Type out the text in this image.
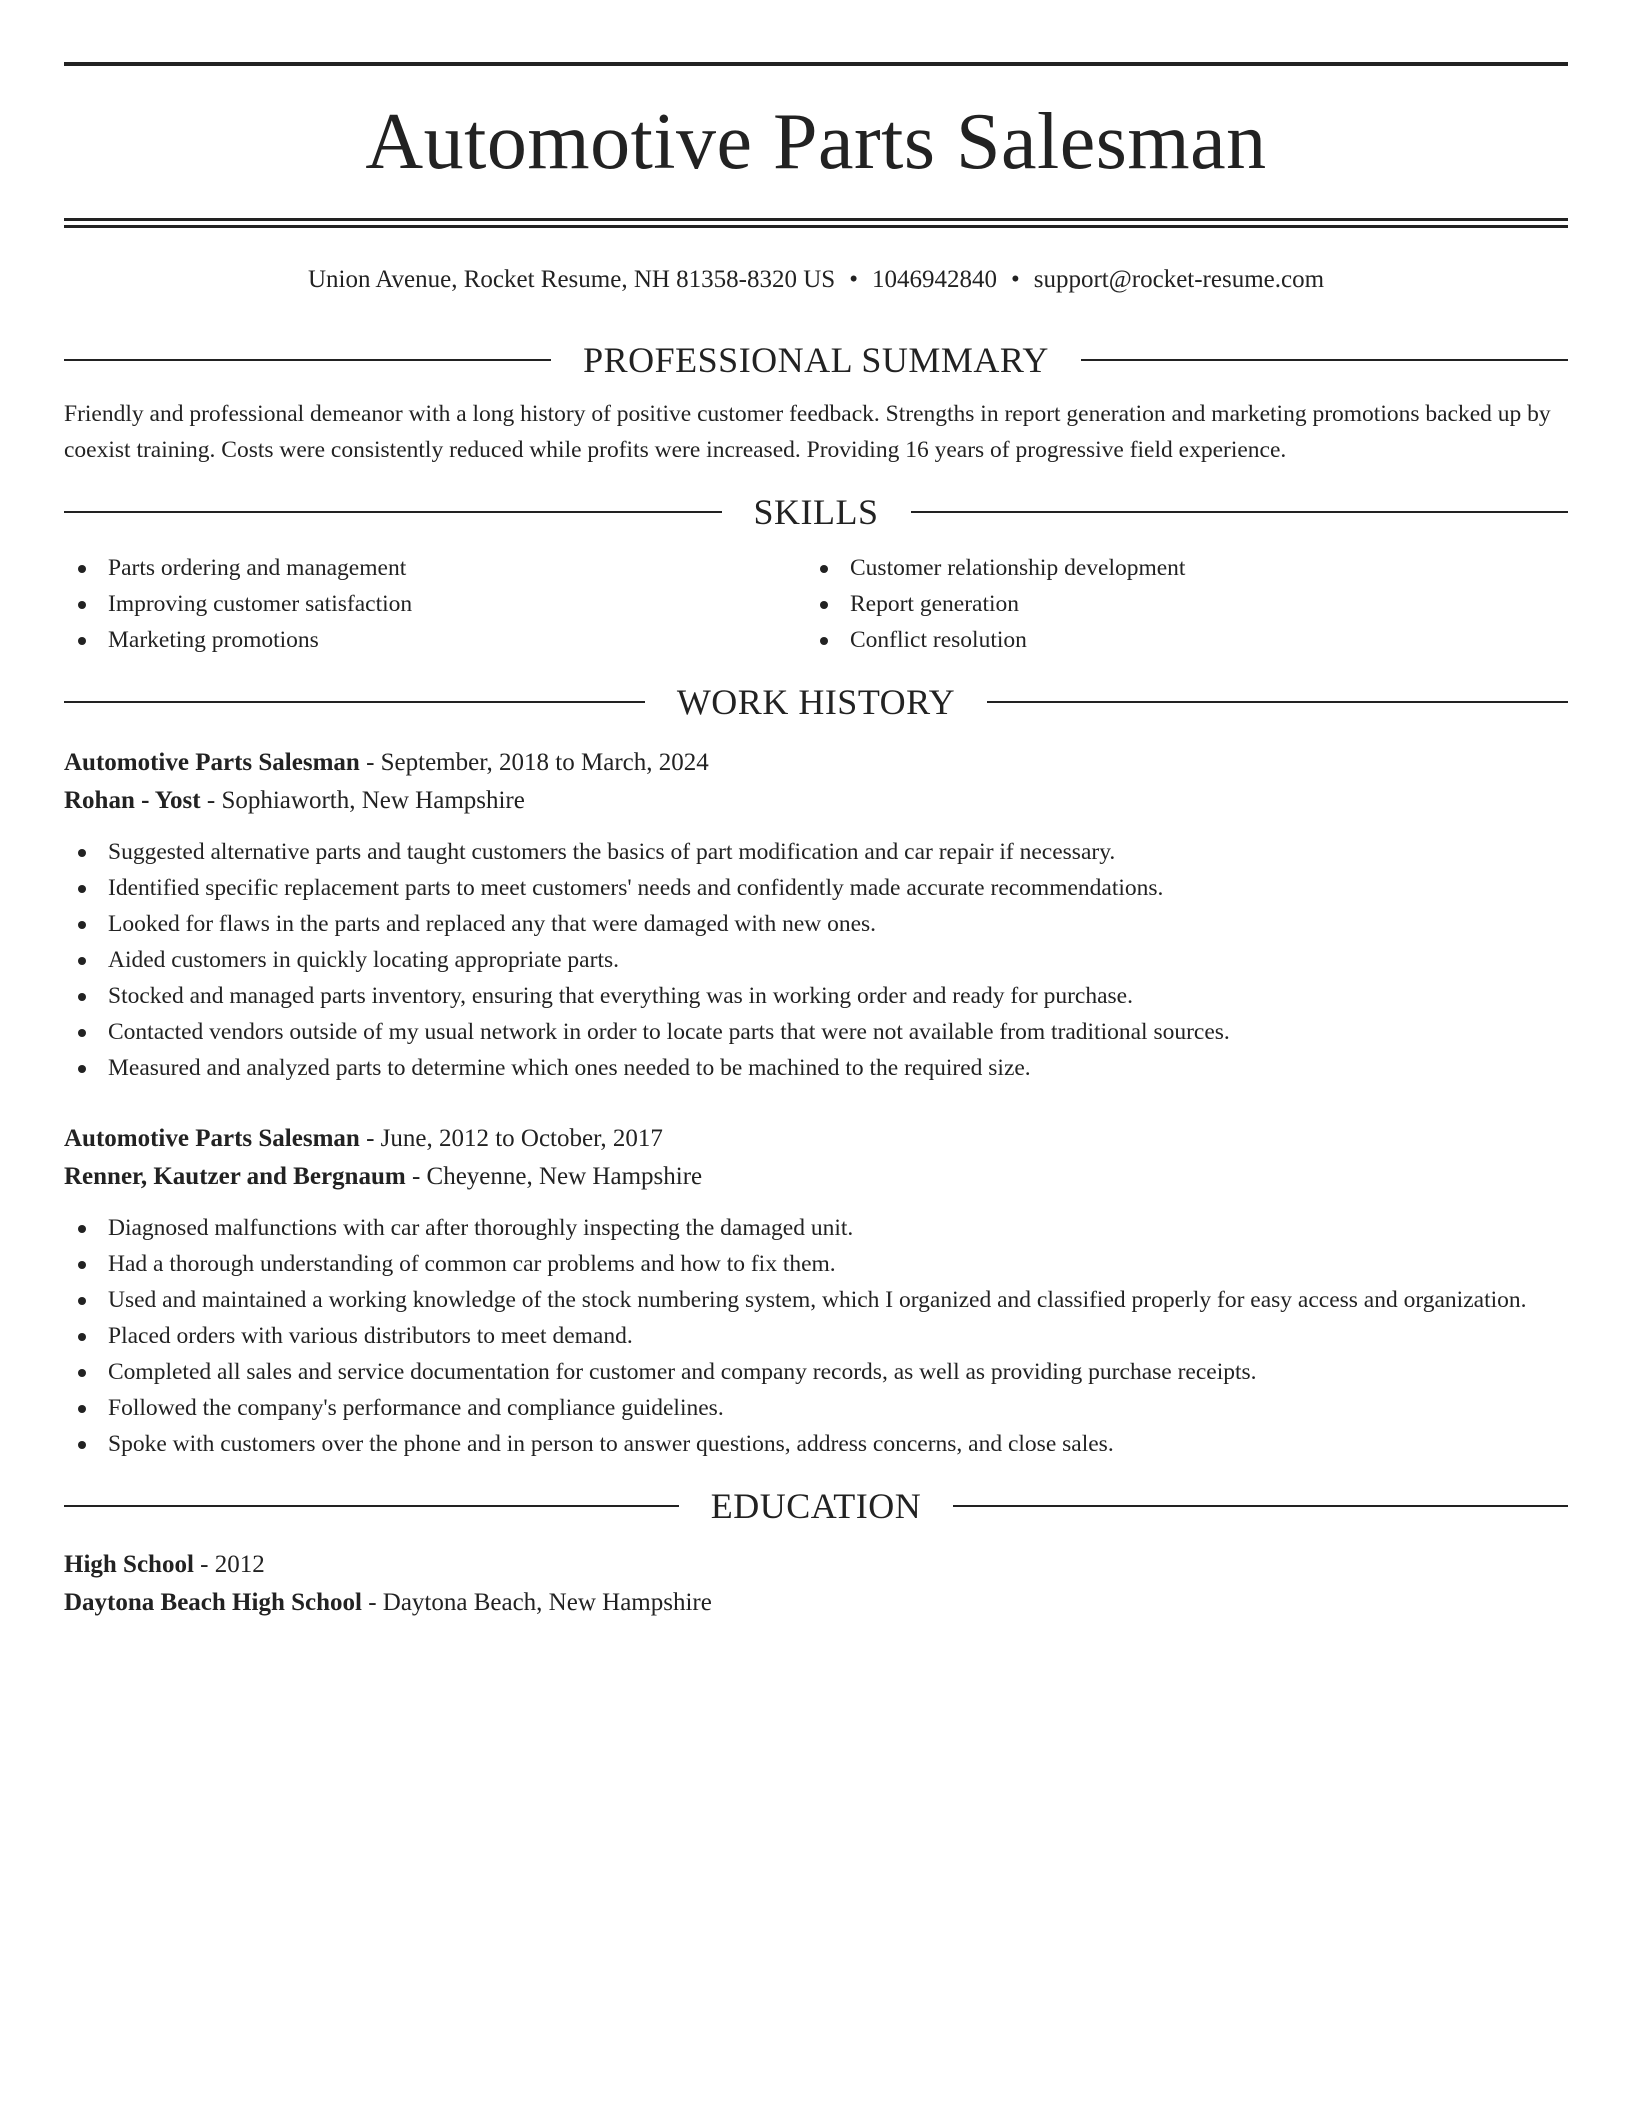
Automotive Parts Salesman
Union Avenue, Rocket Resume, NH 81358-8320 US • 1046942840 • support@rocket-resume.com
PROFESSIONAL SUMMARY

Friendly and professional demeanor with a long history of positive customer feedback. Strengths in report generation and marketing promotions backed up by coexist training. Costs were consistently reduced while profits were increased. Providing 16 years of progressive field experience.

SKILLS
Parts ordering and management
Improving customer satisfaction
Marketing promotions
Customer relationship development
Report generation
Conflict resolution
WORK HISTORY
Automotive Parts Salesman - September, 2018 to March, 2024
Rohan - Yost - Sophiaworth, New Hampshire
Suggested alternative parts and taught customers the basics of part modification and car repair if necessary.
Identified specific replacement parts to meet customers' needs and confidently made accurate recommendations.
Looked for flaws in the parts and replaced any that were damaged with new ones.
Aided customers in quickly locating appropriate parts.
Stocked and managed parts inventory, ensuring that everything was in working order and ready for purchase.
Contacted vendors outside of my usual network in order to locate parts that were not available from traditional sources.
Measured and analyzed parts to determine which ones needed to be machined to the required size.
Automotive Parts Salesman - June, 2012 to October, 2017
Renner, Kautzer and Bergnaum - Cheyenne, New Hampshire
Diagnosed malfunctions with car after thoroughly inspecting the damaged unit.
Had a thorough understanding of common car problems and how to fix them.
Used and maintained a working knowledge of the stock numbering system, which I organized and classified properly for easy access and organization.
Placed orders with various distributors to meet demand.
Completed all sales and service documentation for customer and company records, as well as providing purchase receipts.
Followed the company's performance and compliance guidelines.
Spoke with customers over the phone and in person to answer questions, address concerns, and close sales.
EDUCATION
High School - 2012
Daytona Beach High School - Daytona Beach, New Hampshire
